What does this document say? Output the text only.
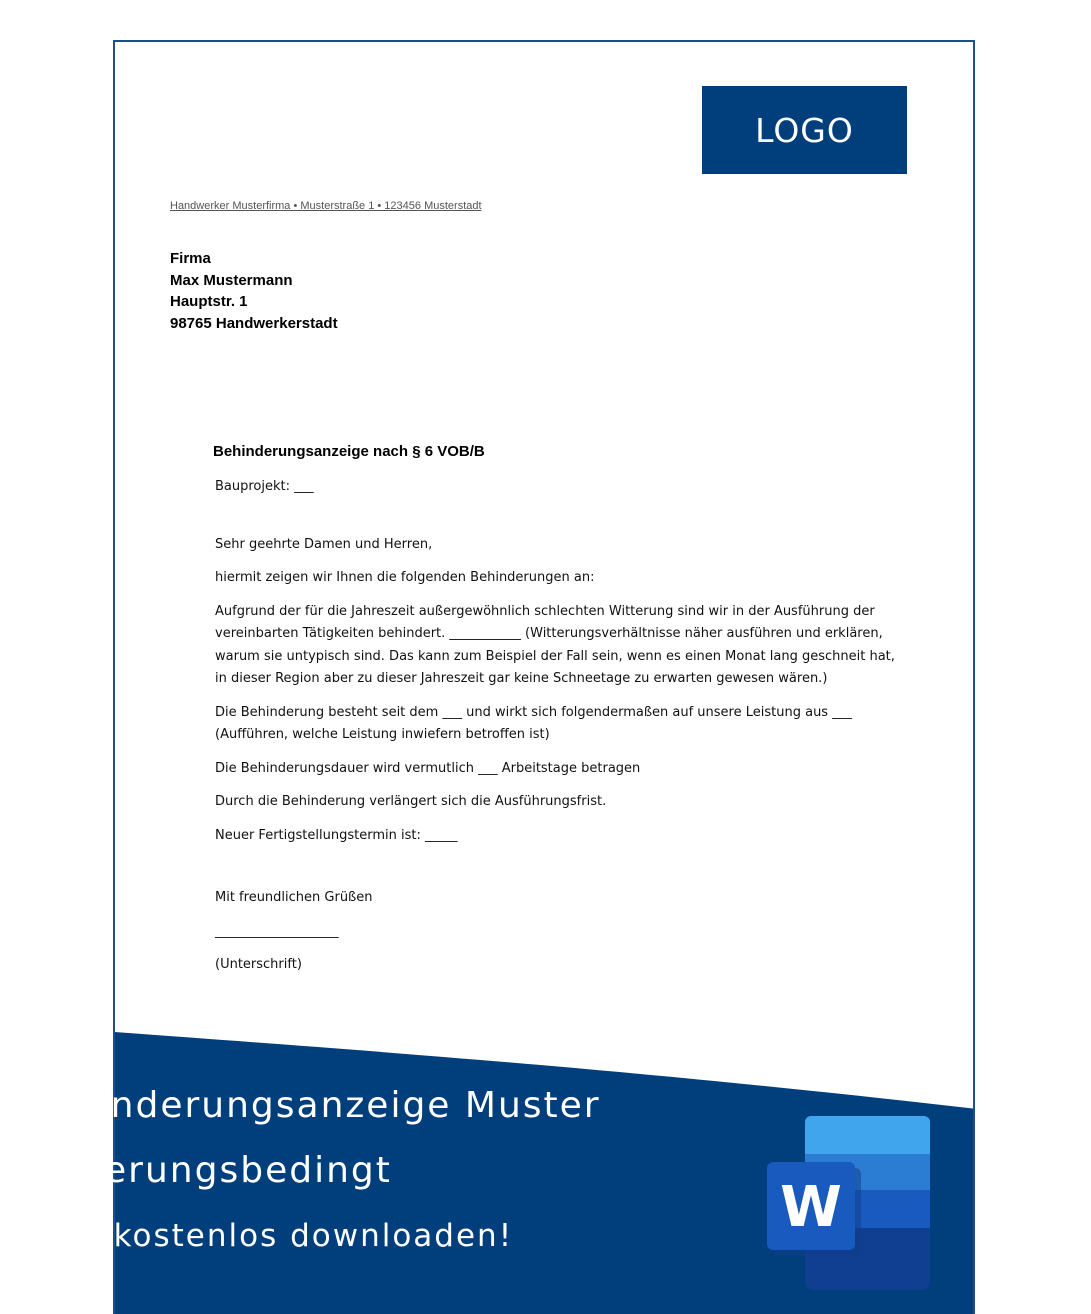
LOGO
Handwerker Musterfirma • Musterstraße 1 • 123456 Musterstadt
Firma
Max Mustermann
Hauptstr. 1
98765 Handwerkerstadt
Behinderungsanzeige nach § 6 VOB/B

Bauprojekt: ___

Sehr geehrte Damen und Herren,

hiermit zeigen wir Ihnen die folgenden Behinderungen an:

Aufgrund der für die Jahreszeit außergewöhnlich schlechten Witterung sind wir in der Ausführung der vereinbarten Tätigkeiten behindert. ___________ (Witterungsverhältnisse näher ausführen und erklären, warum sie untypisch sind. Das kann zum Beispiel der Fall sein, wenn es einen Monat lang geschneit hat, in dieser Region aber zu dieser Jahreszeit gar keine Schneetage zu erwarten gewesen wären.)

Die Behinderung besteht seit dem ___ und wirkt sich folgendermaßen auf unsere Leistung aus ___ (Aufführen, welche Leistung inwiefern betroffen ist)

Die Behinderungsdauer wird vermutlich ___ Arbeitstage betragen

Durch die Behinderung verlängert sich die Ausführungsfrist.

Neuer Fertigstellungstermin ist: _____

Mit freundlichen Grüßen

___________________

(Unterschrift)

Behinderungsanzeige Muster
Witterungsbedingt
Jetzt kostenlos downloaden!	W
